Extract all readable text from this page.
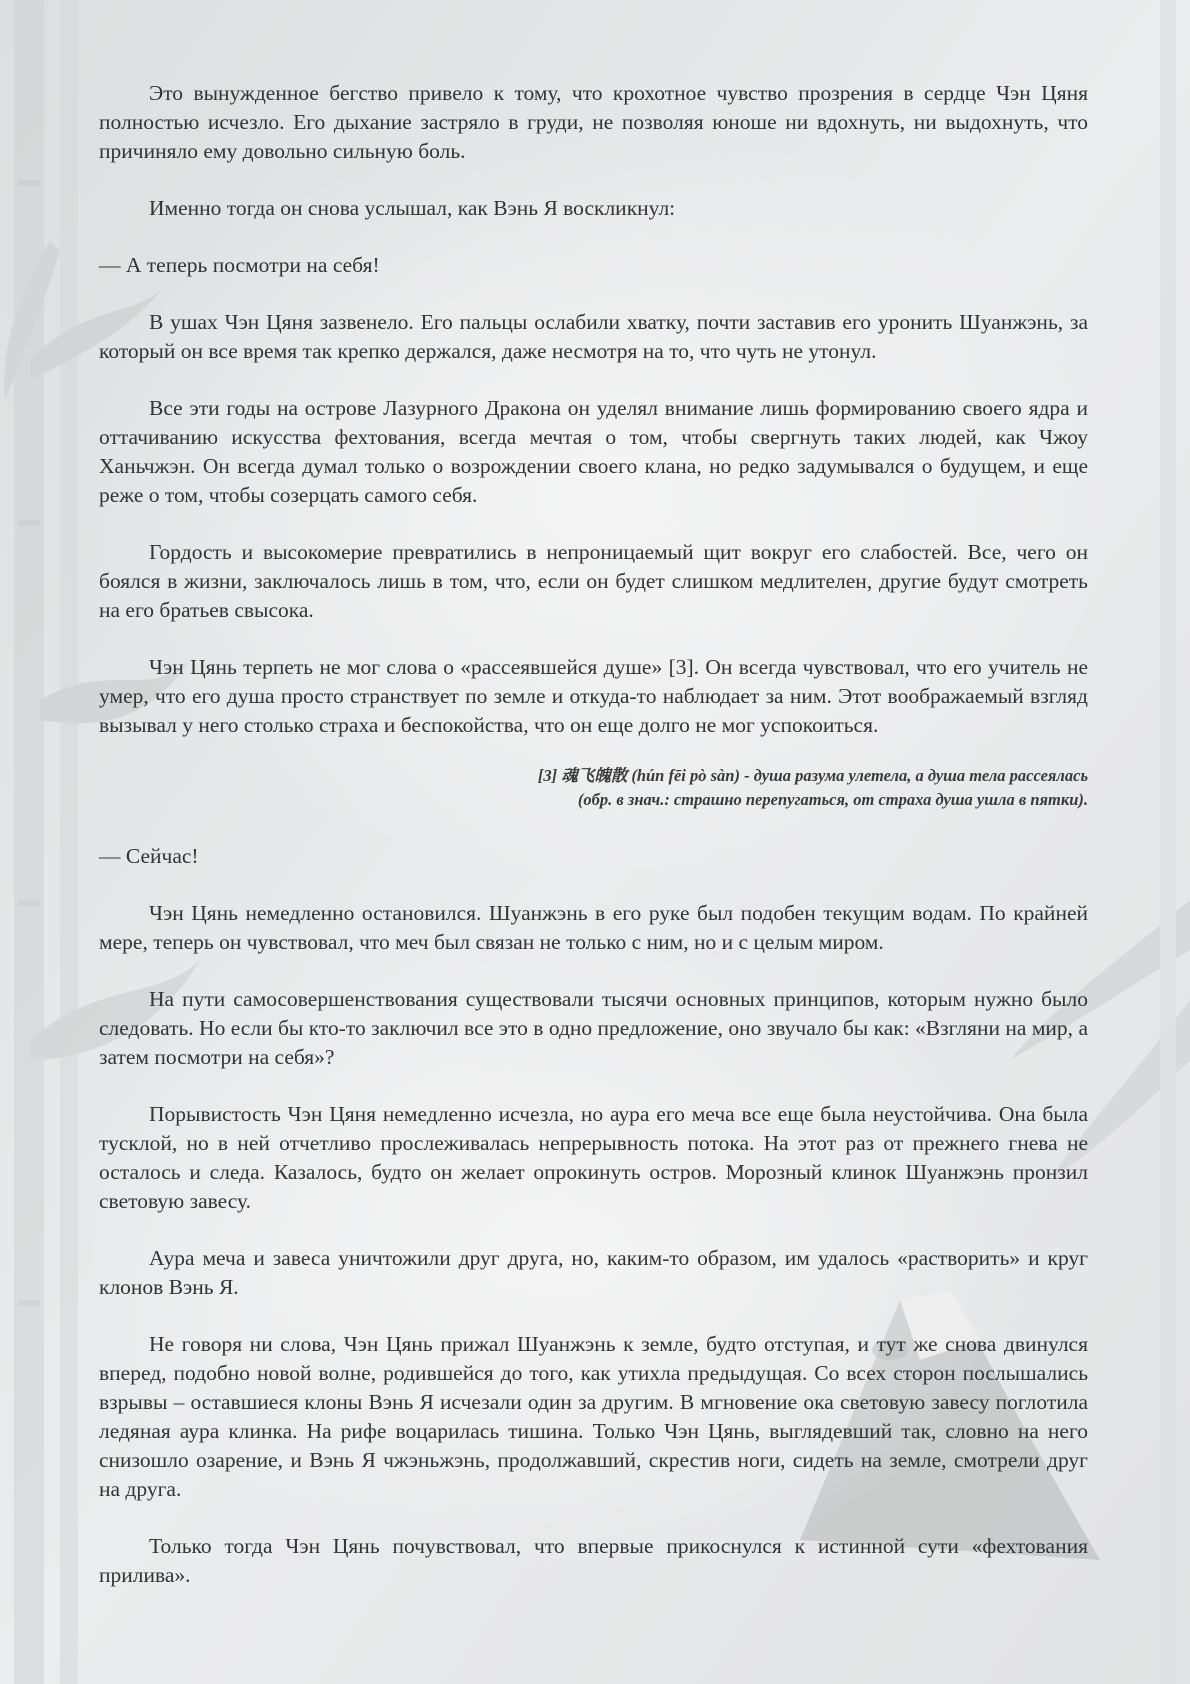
Это вынужденное бегство привело к тому, что крохотное чувство прозрения в сердце Чэн Цяня полностью исчезло. Его дыхание застряло в груди, не позволяя юноше ни вдохнуть, ни выдохнуть, что причиняло ему довольно сильную боль.

Именно тогда он снова услышал, как Вэнь Я воскликнул:

— А теперь посмотри на себя!

В ушах Чэн Цяня зазвенело. Его пальцы ослабили хватку, почти заставив его уронить Шуанжэнь, за который он все время так крепко держался, даже несмотря на то, что чуть не утонул.

Все эти годы на острове Лазурного Дракона он уделял внимание лишь формированию своего ядра и оттачиванию искусства фехтования, всегда мечтая о том, чтобы свергнуть таких людей, как Чжоу Ханьчжэн. Он всегда думал только о возрождении своего клана, но редко задумывался о будущем, и еще реже о том, чтобы созерцать самого себя.

Гордость и высокомерие превратились в непроницаемый щит вокруг его слабостей. Все, чего он боялся в жизни, заключалось лишь в том, что, если он будет слишком медлителен, другие будут смотреть на его братьев свысока.

Чэн Цянь терпеть не мог слова о «рассеявшейся душе» [3]. Он всегда чувствовал, что его учитель не умер, что его душа просто странствует по земле и откуда-то наблюдает за ним. Этот воображаемый взгляд вызывал у него столько страха и беспокойства, что он еще долго не мог успокоиться.

[3] 魂飞魄散 (hún fēi pò sàn) - душа разума улетела, а душа тела рассеялась
(обр. в знач.: страшно перепугаться, от страха душа ушла в пятки).

— Сейчас!

Чэн Цянь немедленно остановился. Шуанжэнь в его руке был подобен текущим водам. По крайней мере, теперь он чувствовал, что меч был связан не только с ним, но и с целым миром.

На пути самосовершенствования существовали тысячи основных принципов, которым нужно было следовать. Но если бы кто-то заключил все это в одно предложение, оно звучало бы как: «Взгляни на мир, а затем посмотри на себя»?

Порывистость Чэн Цяня немедленно исчезла, но аура его меча все еще была неустойчива. Она была тусклой, но в ней отчетливо прослеживалась непрерывность потока. На этот раз от прежнего гнева не осталось и следа. Казалось, будто он желает опрокинуть остров. Морозный клинок Шуанжэнь пронзил световую завесу.

Аура меча и завеса уничтожили друг друга, но, каким-то образом, им удалось «растворить» и круг клонов Вэнь Я.

Не говоря ни слова, Чэн Цянь прижал Шуанжэнь к земле, будто отступая, и тут же снова двинулся вперед, подобно новой волне, родившейся до того, как утихла предыдущая. Со всех сторон послышались взрывы – оставшиеся клоны Вэнь Я исчезали один за другим. В мгновение ока световую завесу поглотила ледяная аура клинка. На рифе воцарилась тишина. Только Чэн Цянь, выглядевший так, словно на него снизошло озарение, и Вэнь Я чжэньжэнь, продолжавший, скрестив ноги, сидеть на земле, смотрели друг на друга.

Только тогда Чэн Цянь почувствовал, что впервые прикоснулся к истинной сути «фехтования прилива».
